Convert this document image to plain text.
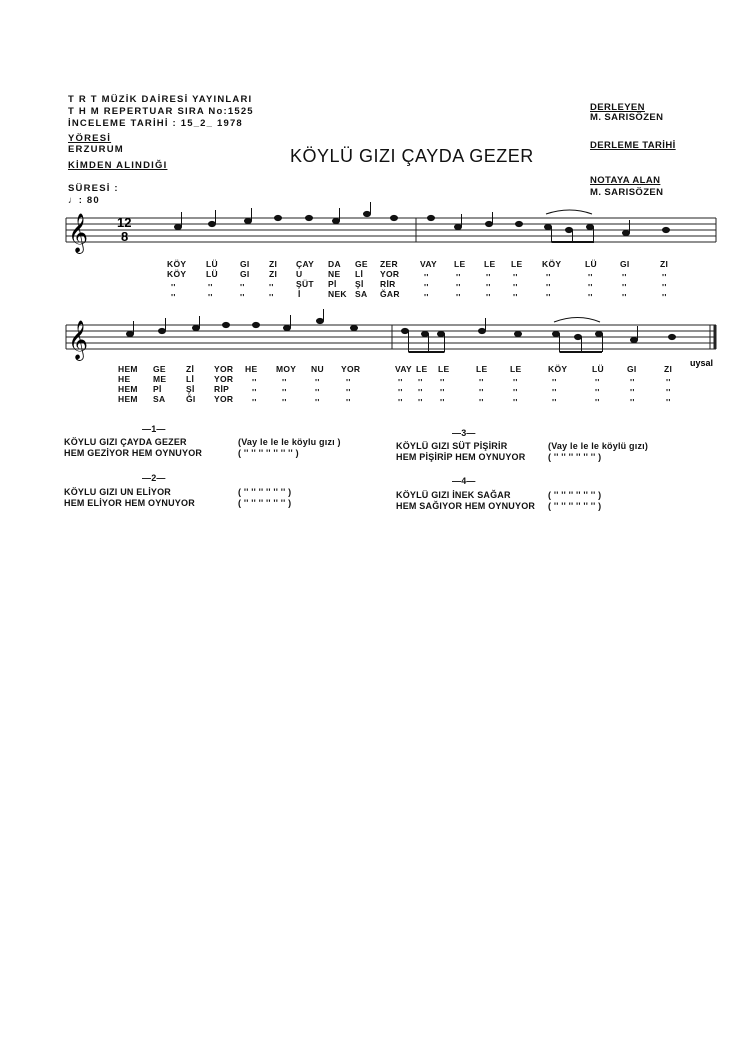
T R T MÜZİK DAİRESİ YAYINLARI
T H M REPERTUAR SIRA No:1525
İNCELEME TARİHİ : 15_2_ 1978
YÖRESİ
ERZURUM
KİMDEN ALINDIĞI
SÜRESİ :
♩: 80
KÖYLÜ GIZI ÇAYDA GEZER
DERLEYEN
M. SARISÖZEN
DERLEME TARİHİ
NOTAYA ALAN
M. SARISÖZEN
𝄞 12
8
KÖY LÜ	GI ZI ÇAY DA GE ZER	VAY LE LE LE KÖY	LÜ	GI	ZI
KÖY LÜ	GI ZI U	NE Lİ YOR	''	''	''	''	''	''	''	''
''	''	''	''	ŞÜT Pİ Şİ RİR	''	''	''	''	''	''	''	''
''	''	''	''	İ	NEK SA ĞAR	''	''	''	''	''	''	''	''
𝄞
uysal
HEM GE Zİ YOR HE MOY NU YOR	VAY LE LE	LE	LE	KÖY	LÜ	GI	ZI
HE	ME Lİ YOR ''	''	''	''	'' '' ''	''	''	''	''	''	''
HEM Pİ	Şİ RİP	''	''	''	''	'' '' ''	''	''	''	''	''	''
HEM SA ĞI YOR ''	''	''	''	'' '' ''	''	''	''	''	''	''
—1—
KÖYLU GIZI ÇAYDA GEZER	(Vay le le le köylu gızı )
HEM GEZİYOR HEM OYNUYOR	( '' '' '' '' '' '' '' )
—2—
KÖYLU GIZI UN ELİYOR	( '' '' '' '' '' '' )
HEM ELİYOR HEM OYNUYOR	( '' '' '' '' '' '' )
—3—
KÖYLÜ GIZI SÜT PİŞİRİR	(Vay le le le köylü gızı)
HEM PİŞİRİP HEM OYNUYOR	( '' '' '' '' '' '' )
—4—
KÖYLÜ GIZI İNEK SAĞAR	( '' '' '' '' '' '' )
HEM SAĞIYOR HEM OYNUYOR ( '' '' '' '' '' '' )
